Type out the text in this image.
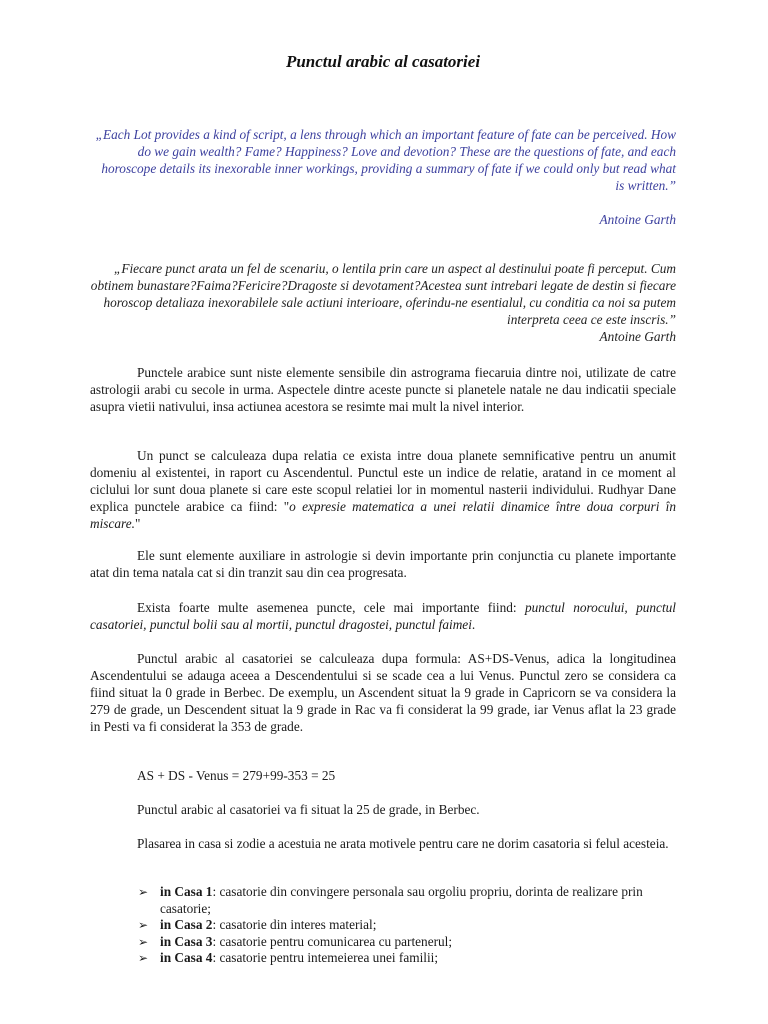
Punctul arabic al casatoriei
„Each Lot provides a kind of script, a lens through which an important feature of fate can be perceived. How do we gain wealth? Fame? Happiness? Love and devotion? These are the questions of fate, and each horoscope details its inexorable inner workings, providing a summary of fate if we could only but read what is written.”
Antoine Garth
„Fiecare punct arata un fel de scenariu, o lentila prin care un aspect al destinului poate fi perceput. Cum obtinem bunastare?Faima?Fericire?Dragoste si devotament?Acestea sunt intrebari legate de destin si fiecare horoscop detaliaza inexorabilele sale actiuni interioare, oferindu-ne esentialul, cu conditia ca noi sa putem interpreta ceea ce este inscris.”
Antoine Garth

Punctele arabice sunt niste elemente sensibile din astrograma fiecaruia dintre noi, utilizate de catre astrologii arabi cu secole in urma. Aspectele dintre aceste puncte si planetele natale ne dau indicatii speciale asupra vietii nativului, insa actiunea acestora se resimte mai mult la nivel interior.

Un punct se calculeaza dupa relatia ce exista intre doua planete semnificative pentru un anumit domeniu al existentei, in raport cu Ascendentul. Punctul este un indice de relatie, aratand in ce moment al ciclului lor sunt doua planete si care este scopul relatiei lor in momentul nasterii individului. Rudhyar Dane explica punctele arabice ca fiind: "o expresie matematica a unei relatii dinamice între doua corpuri în miscare."

Ele sunt elemente auxiliare in astrologie si devin importante prin conjunctia cu planete importante atat din tema natala cat si din tranzit sau din cea progresata.

Exista foarte multe asemenea puncte, cele mai importante fiind: punctul norocului, punctul casatoriei, punctul bolii sau al mortii, punctul dragostei, punctul faimei.

Punctul arabic al casatoriei se calculeaza dupa formula: AS+DS-Venus, adica la longitudinea Ascendentului se adauga aceea a Descendentului si se scade cea a lui Venus. Punctul zero se considera ca fiind situat la 0 grade in Berbec. De exemplu, un Ascendent situat la 9 grade in Capricorn se va considera la 279 de grade, un Descendent situat la 9 grade in Rac va fi considerat la 99 grade, iar Venus aflat la 23 grade in Pesti va fi considerat la 353 de grade.

AS + DS - Venus = 279+99-353 = 25

Punctul arabic al casatoriei va fi situat la 25 de grade, in Berbec.

Plasarea in casa si zodie a acestuia ne arata motivele pentru care ne dorim casatoria si felul acesteia.

➢ in Casa 1: casatorie din convingere personala sau orgoliu propriu, dorinta de realizare prin casatorie;
➢ in Casa 2: casatorie din interes material;
➢ in Casa 3: casatorie pentru comunicarea cu partenerul;
➢ in Casa 4: casatorie pentru intemeierea unei familii;
